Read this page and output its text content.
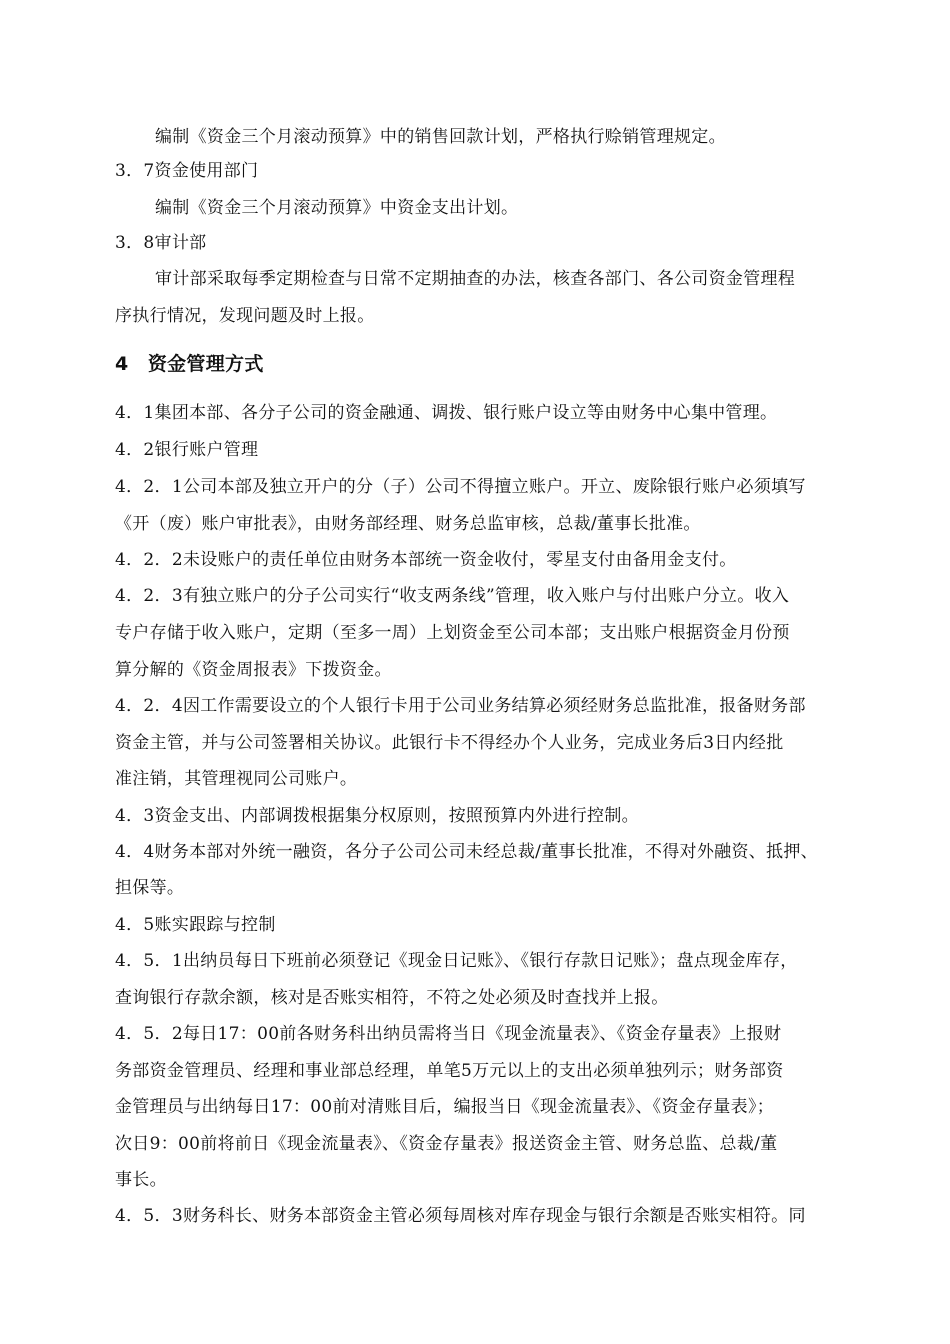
编制《资金三个月滚动预算》中的销售回款计划，严格执行赊销管理规定。
3．7资金使用部门
编制《资金三个月滚动预算》中资金支出计划。
3．8审计部
审计部采取每季定期检查与日常不定期抽查的办法，核查各部门、各公司资金管理程
序执行情况，发现问题及时上报。
4　资金管理方式
4．1集团本部、各分子公司的资金融通、调拨、银行账户设立等由财务中心集中管理。
4．2银行账户管理
4．2．1公司本部及独立开户的分（子）公司不得擅立账户。开立、废除银行账户必须填写
《开（废）账户审批表》，由财务部经理、财务总监审核，总裁/董事长批准。
4．2．2未设账户的责任单位由财务本部统一资金收付，零星支付由备用金支付。
4．2．3有独立账户的分子公司实行“收支两条线”管理，收入账户与付出账户分立。收入
专户存储于收入账户，定期（至多一周）上划资金至公司本部；支出账户根据资金月份预
算分解的《资金周报表》下拨资金。
4．2．4因工作需要设立的个人银行卡用于公司业务结算必须经财务总监批准，报备财务部
资金主管，并与公司签署相关协议。此银行卡不得经办个人业务，完成业务后3日内经批
准注销，其管理视同公司账户。
4．3资金支出、内部调拨根据集分权原则，按照预算内外进行控制。
4．4财务本部对外统一融资，各分子公司公司未经总裁/董事长批准，不得对外融资、抵押、
担保等。
4．5账实跟踪与控制
4．5．1出纳员每日下班前必须登记《现金日记账》、《银行存款日记账》；盘点现金库存，
查询银行存款余额，核对是否账实相符，不符之处必须及时查找并上报。
4．5．2每日17：00前各财务科出纳员需将当日《现金流量表》、《资金存量表》上报财
务部资金管理员、经理和事业部总经理，单笔5万元以上的支出必须单独列示；财务部资
金管理员与出纳每日17：00前对清账目后，编报当日《现金流量表》、《资金存量表》；
次日9：00前将前日《现金流量表》、《资金存量表》报送资金主管、财务总监、总裁/董
事长。
4．5．3财务科长、财务本部资金主管必须每周核对库存现金与银行余额是否账实相符。同
